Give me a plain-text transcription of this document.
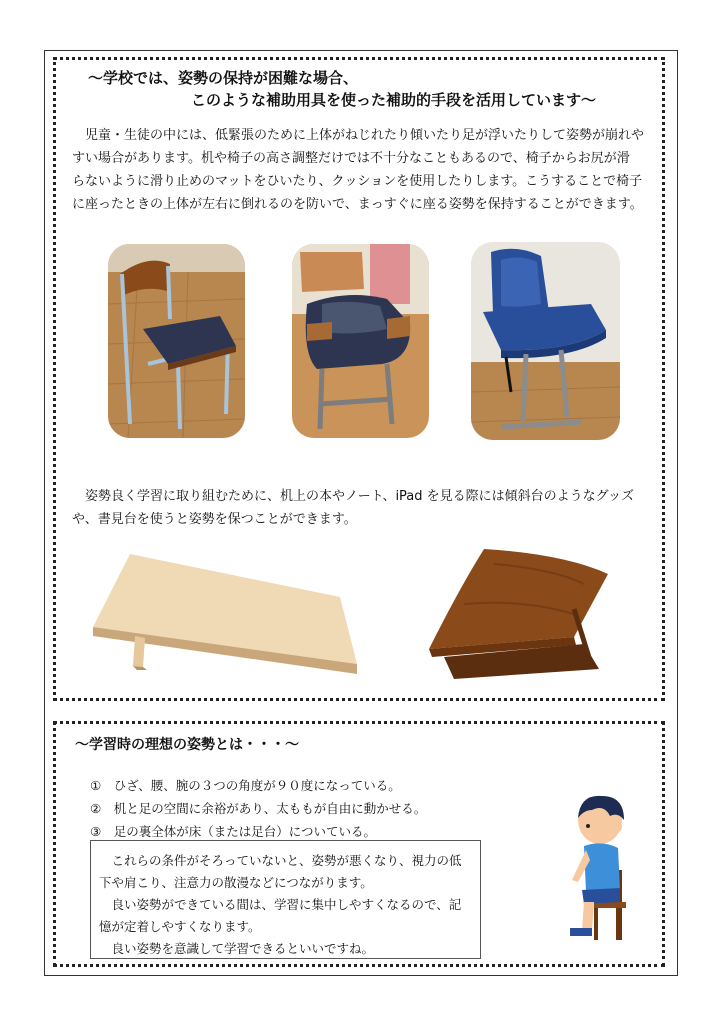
～学校では、姿勢の保持が困難な場合、
このような補助用具を使った補助的手段を活用しています～
　児童・生徒の中には、低緊張のために上体がねじれたり傾いたり足が浮いたりして姿勢が崩れや
すい場合があります。机や椅子の高さ調整だけでは不十分なこともあるので、椅子からお尻が滑
らないように滑り止めのマットをひいたり、クッションを使用したりします。こうすることで椅子
に座ったときの上体が左右に倒れるのを防いで、まっすぐに座る姿勢を保持することができます。
　姿勢良く学習に取り組むために、机上の本やノート、iPad を見る際には傾斜台のようなグッズ
や、書見台を使うと姿勢を保つことができます。
～学習時の理想の姿勢とは・・・～
①　ひざ、腰、腕の３つの角度が９０度になっている。
②　机と足の空間に余裕があり、太ももが自由に動かせる。
③　足の裏全体が床（または足台）についている。

　これらの条件がそろっていないと、姿勢が悪くなり、視力の低

下や肩こり、注意力の散漫などにつながります。

　良い姿勢ができている間は、学習に集中しやすくなるので、記

憶が定着しやすくなります。

　良い姿勢を意識して学習できるといいですね。
